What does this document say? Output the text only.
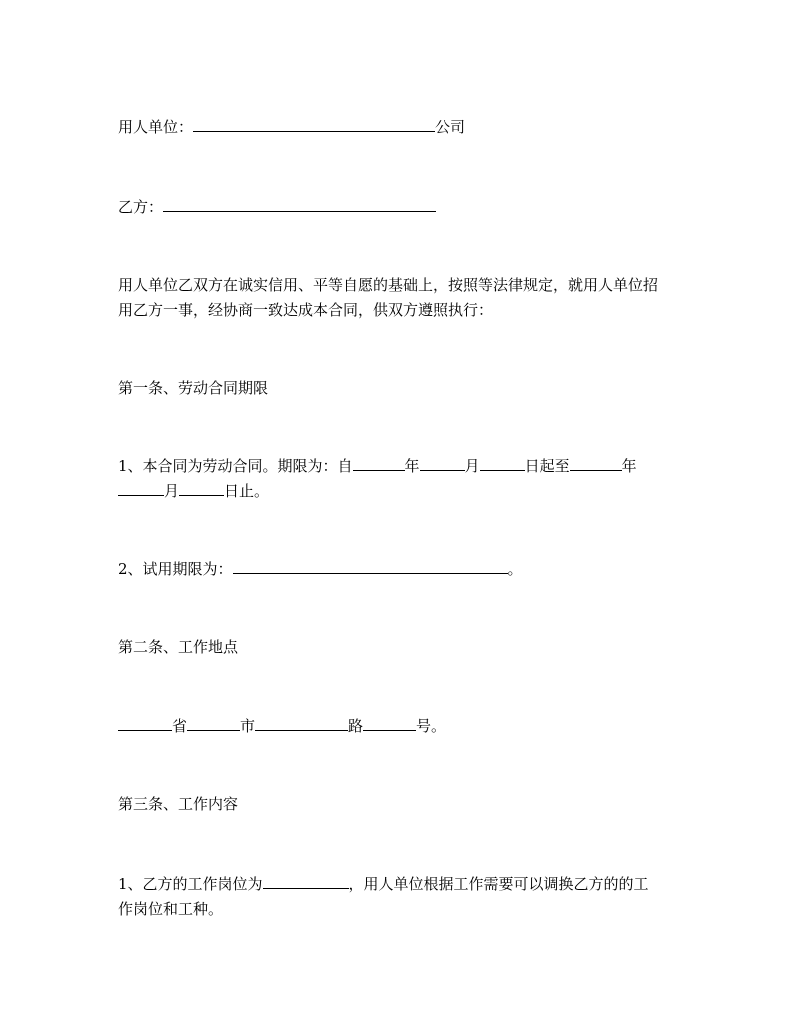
用人单位：	公司
乙方：
用人单位乙双方在诚实信用、平等自愿的基础上，按照等法律规定，就用人单位招
用乙方一事，经协商一致达成本合同，供双方遵照执行：
第一条、劳动合同期限
1、本合同为劳动合同。期限为：自	年	月	日起至	年
月	日止。
2、试用期限为：	。
第二条、工作地点
省	市	路	号。
第三条、工作内容
1、乙方的工作岗位为	，用人单位根据工作需要可以调换乙方的的工
作岗位和工种。
